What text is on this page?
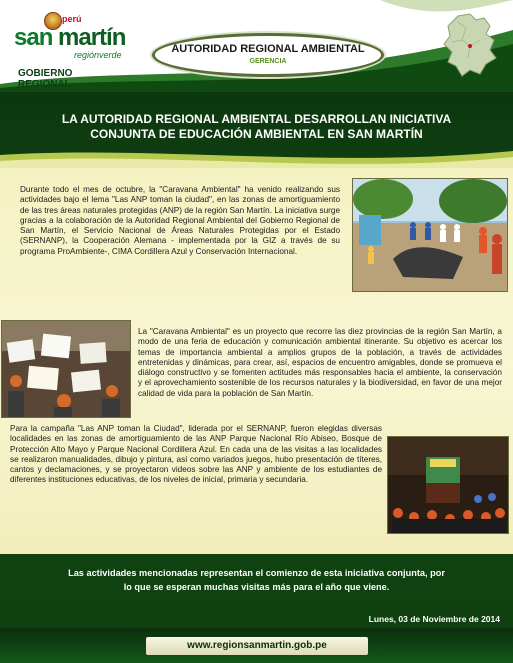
perú
san martín
regiónverde
GOBIERNO REGIONAL
AUTORIDAD REGIONAL AMBIENTAL
GERENCIA
LA AUTORIDAD REGIONAL AMBIENTAL DESARROLLAN INICIATIVA
CONJUNTA DE EDUCACIÓN AMBIENTAL EN SAN MARTÍN

Durante todo el mes de octubre, la "Caravana Ambiental" ha venido realizando sus actividades bajo el lema "Las ANP toman la ciudad", en las zonas de amortiguamiento de las tres áreas naturales protegidas (ANP) de la región San Martín. La iniciativa surge gracias a la colaboración de la Autoridad Regional Ambiental del Gobierno Regional de San Martín, el Servicio Nacional de Áreas Naturales Protegidas por el Estado (SERNANP), la Cooperación Alemana - implementada por la GIZ a través de su programa ProAmbiente-, CIMA Cordillera Azul y Conservación Internacional.

La "Caravana Ambiental" es un proyecto que recorre las diez provincias de la región San Martín, a modo de una feria de educación y comunicación ambiental itinerante. Su objetivo es acercar los temas de importancia ambiental a amplios grupos de la población, a través de actividades entretenidas y dinámicas, para crear, así, espacios de encuentro amigables, donde se promueva el diálogo constructivo y se fomenten actitudes más responsables hacia el ambiente, la conservación y el aprovechamiento sostenible de los recursos naturales y la biodiversidad, en favor de una mejor calidad de vida para la población de San Martín.

Para la campaña "Las ANP toman la Ciudad", liderada por el SERNANP, fueron elegidas diversas localidades en las zonas de amortiguamiento de las ANP Parque Nacional Río Abiseo, Bosque de Protección Alto Mayo y Parque Nacional Cordillera Azul. En cada una de las visitas a las localidades se realizaron manualidades, dibujo y pintura, así como variados juegos, hubo presentación de títeres, cantos y declamaciones, y se proyectaron videos sobre las ANP y ambiente de los estudiantes de diferentes instituciones educativas, de los niveles de inicial, primaria y secundaria.

Las actividades mencionadas representan el comienzo de esta iniciativa conjunta, por
lo que se esperan muchas visitas más para el año que viene.
Lunes, 03 de Noviembre de 2014
www.regionsanmartin.gob.pe
